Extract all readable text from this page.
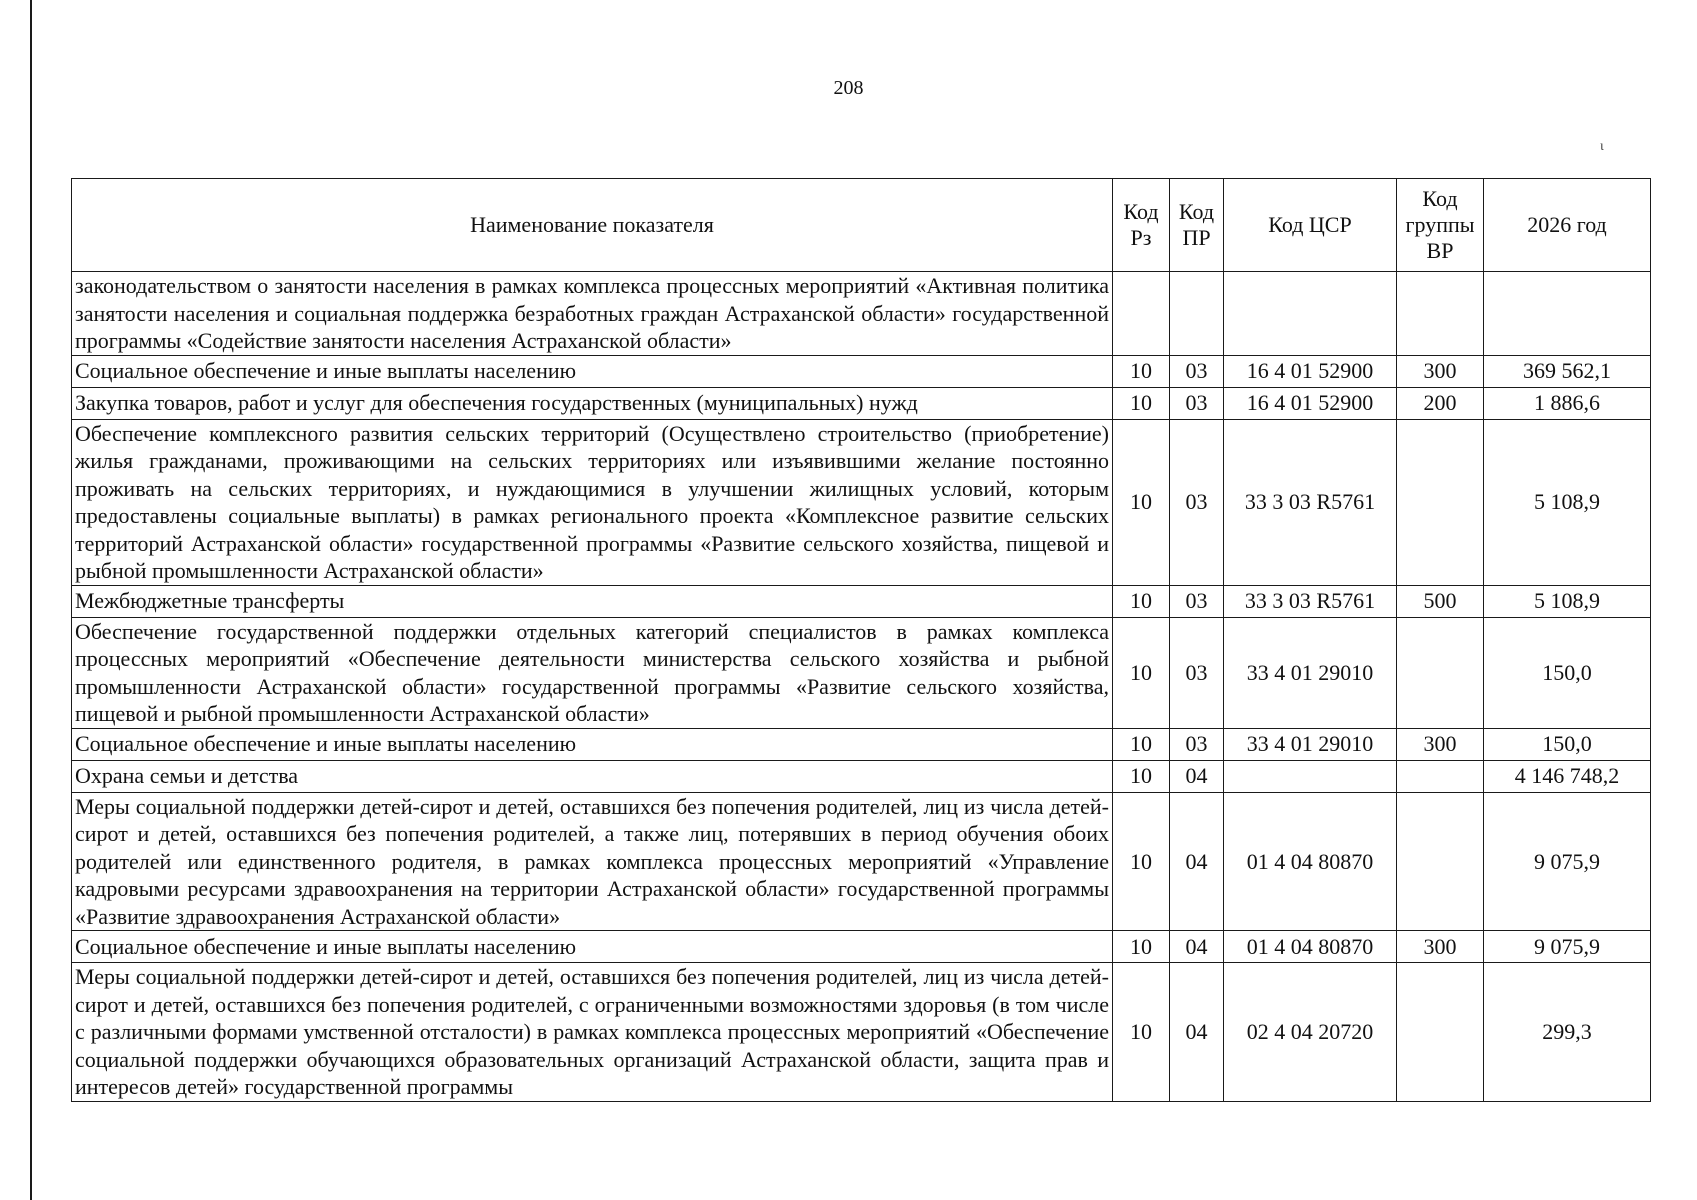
208
ɩ
Наименование показателя	Код Рз	Код ПР	Код ЦСР	Код группы ВР	2026 год
законодательством о занятости населения в рамках комплекса процессных мероприятий «Активная политика занятости населения и социальная поддержка безработных граждан Астраханской области» государственной программы «Содействие занятости населения Астраханской области»					
Социальное обеспечение и иные выплаты населению	10	03	16 4 01 52900	300	369 562,1
Закупка товаров, работ и услуг для обеспечения государственных (муниципальных) нужд	10	03	16 4 01 52900	200	1 886,6
Обеспечение комплексного развития сельских территорий (Осуществлено строительство (приобретение) жилья гражданами, проживающими на сельских территориях или изъявившими желание постоянно проживать на сельских территориях, и нуждающимися в улучшении жилищных условий, которым предоставлены социальные выплаты) в рамках регионального проекта «Комплексное развитие сельских территорий Астраханской области» государственной программы «Развитие сельского хозяйства, пищевой и рыбной промышленности Астраханской области»	10	03	33 3 03 R5761		5 108,9
Межбюджетные трансферты	10	03	33 3 03 R5761	500	5 108,9
Обеспечение государственной поддержки отдельных категорий специалистов в рамках комплекса процессных мероприятий «Обеспечение деятельности министерства сельского хозяйства и рыбной промышленности Астраханской области» государственной программы «Развитие сельского хозяйства, пищевой и рыбной промышленности Астраханской области»	10	03	33 4 01 29010		150,0
Социальное обеспечение и иные выплаты населению	10	03	33 4 01 29010	300	150,0
Охрана семьи и детства	10	04			4 146 748,2
Меры социальной поддержки детей-сирот и детей, оставшихся без попечения родителей, лиц из числа детей-сирот и детей, оставшихся без попечения родителей, а также лиц, потерявших в период обучения обоих родителей или единственного родителя, в рамках комплекса процессных мероприятий «Управление кадровыми ресурсами здравоохранения на территории Астраханской области» государственной программы «Развитие здравоохранения Астраханской области»	10	04	01 4 04 80870		9 075,9
Социальное обеспечение и иные выплаты населению	10	04	01 4 04 80870	300	9 075,9
Меры социальной поддержки детей-сирот и детей, оставшихся без попечения родителей, лиц из числа детей-сирот и детей, оставшихся без попечения родителей, с ограниченными возможностями здоровья (в том числе с различными формами умственной отсталости) в рамках комплекса процессных мероприятий «Обеспечение социальной поддержки обучающихся образовательных организаций Астраханской области, защита прав и интересов детей» государственной программы	10	04	02 4 04 20720		299,3
